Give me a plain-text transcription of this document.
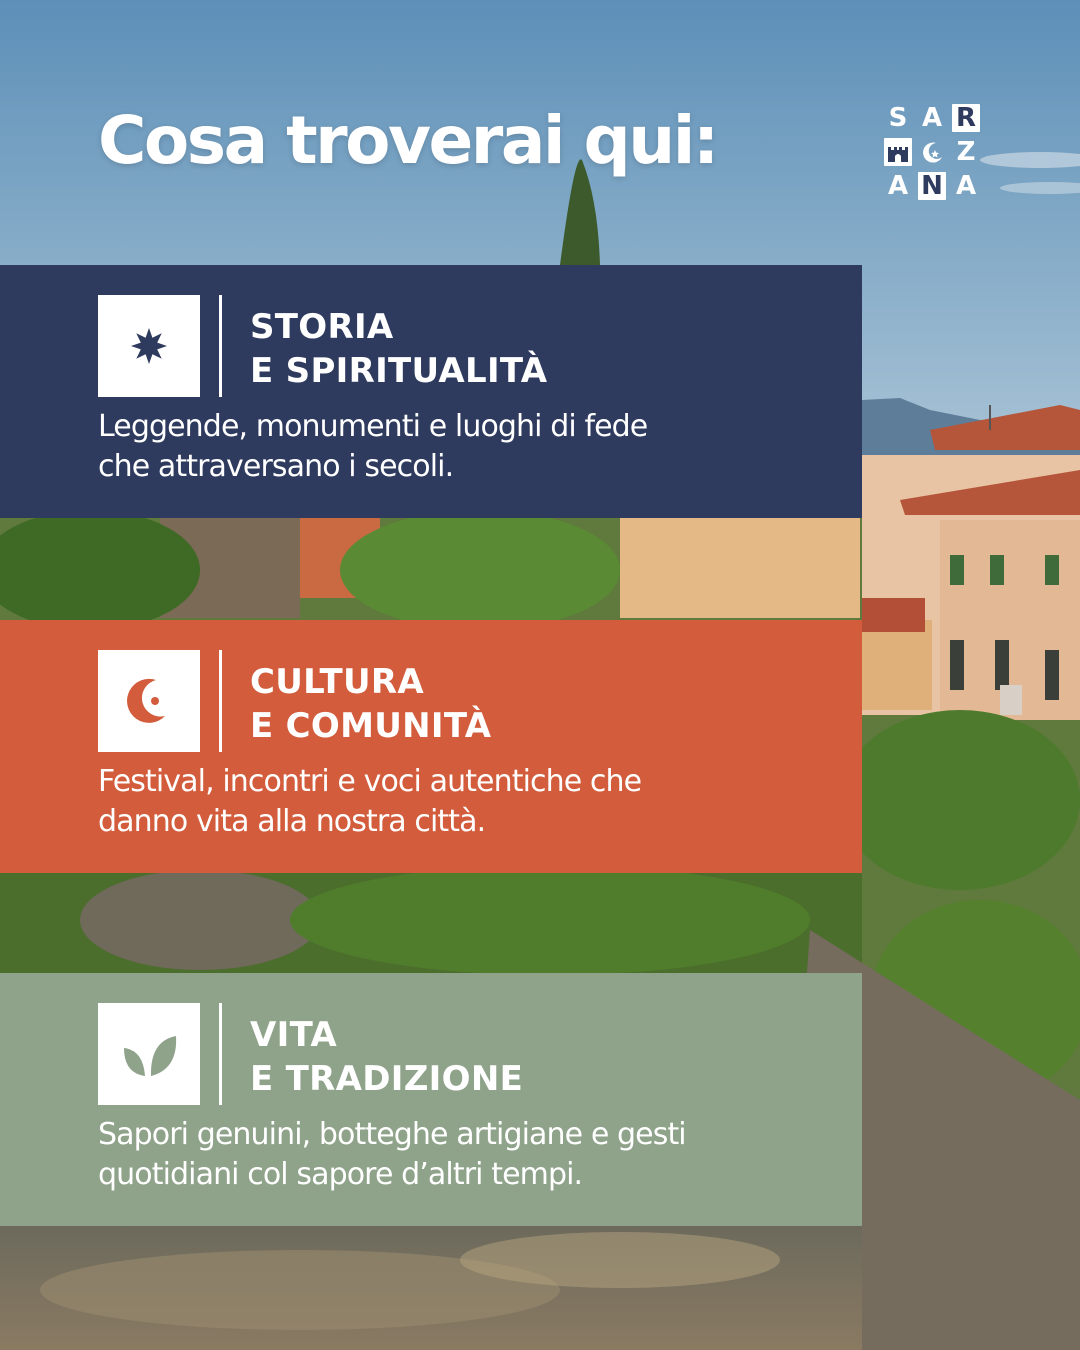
Cosa troverai qui:	S A R
Z
A N A
STORIA
E SPIRITUALITÀ

Leggende, monumenti e luoghi di fede
che attraversano i secoli.

CULTURA
E COMUNITÀ

Festival, incontri e voci autentiche che
danno vita alla nostra città.

VITA
E TRADIZIONE

Sapori genuini, botteghe artigiane e gesti
quotidiani col sapore d’altri tempi.
